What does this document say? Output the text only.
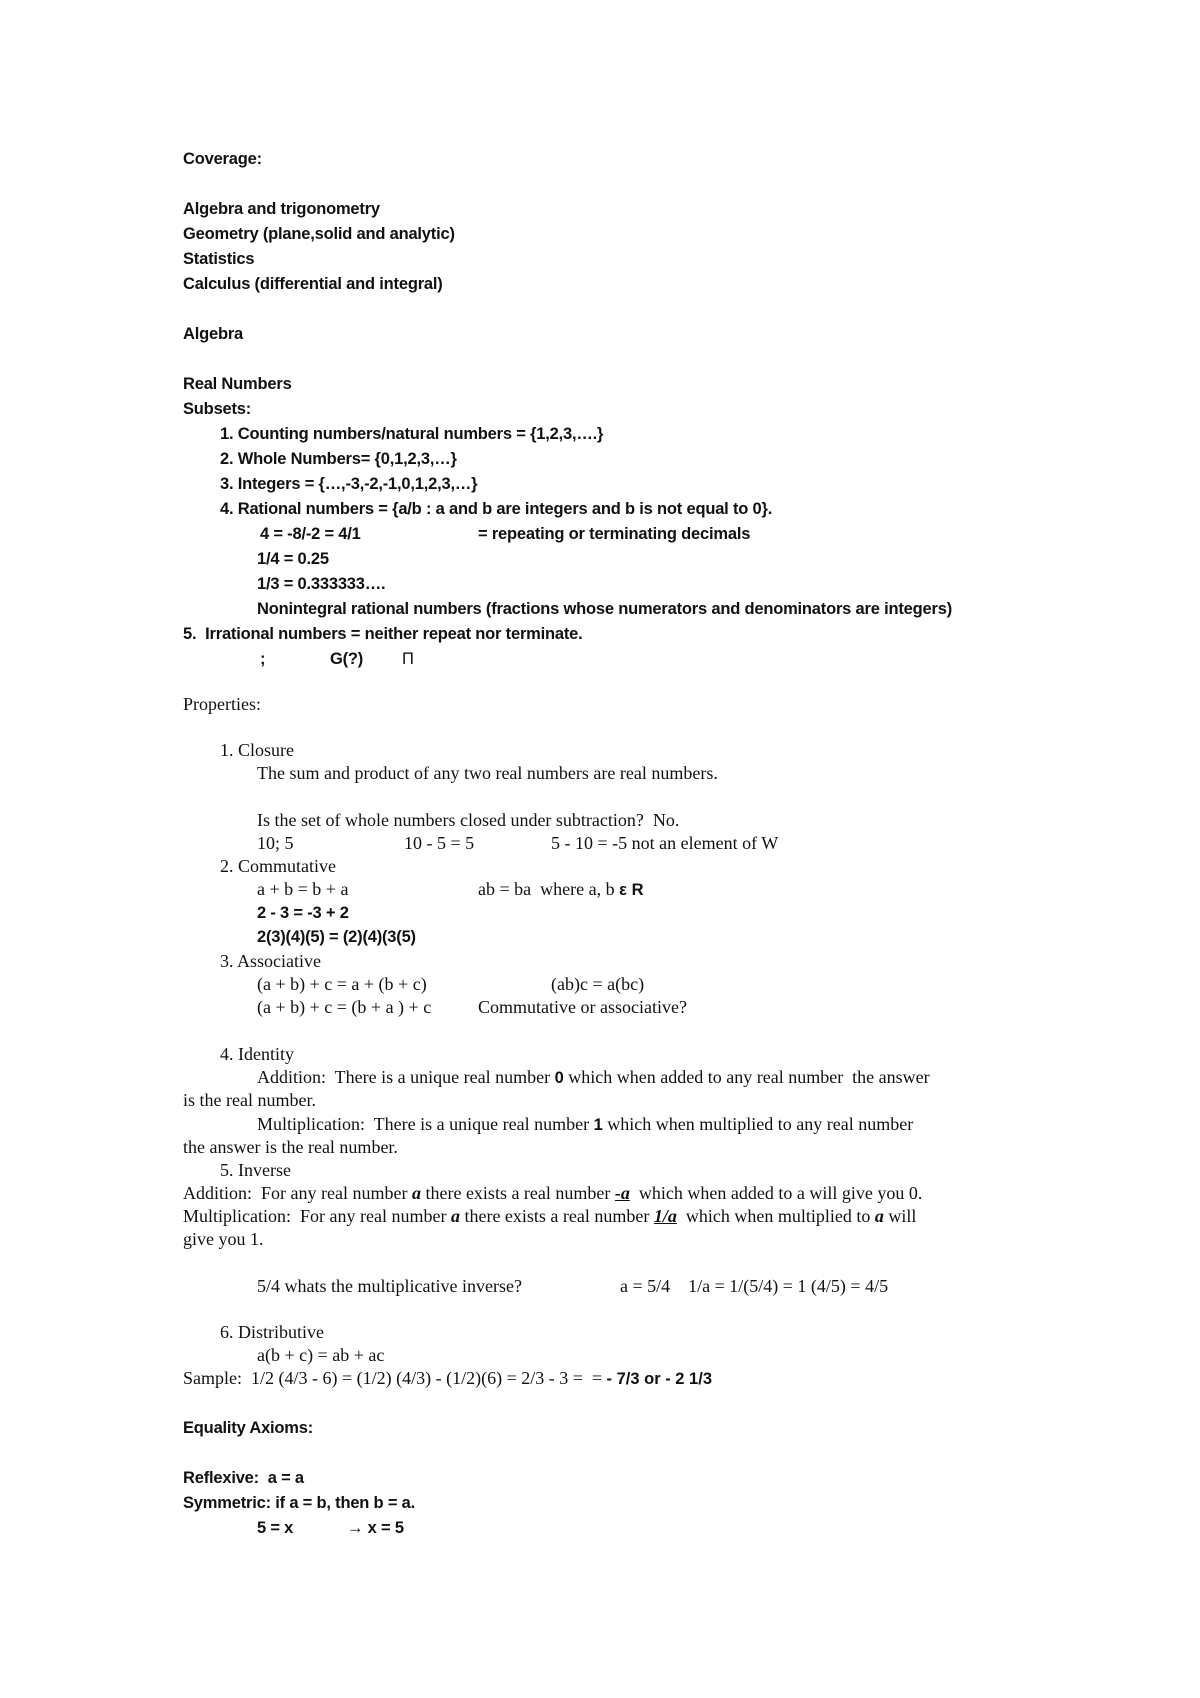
Coverage:
Algebra and trigonometry
Geometry (plane,solid and analytic)
Statistics
Calculus (differential and integral)
Algebra
Real Numbers
Subsets:
1. Counting numbers/natural numbers = {1,2,3,….}
2. Whole Numbers= {0,1,2,3,…}
3. Integers = {…,-3,-2,-1,0,1,2,3,…}
4. Rational numbers = {a/b : a and b are integers and b is not equal to 0}.
4 = -8/-2 = 4/1	= repeating or terminating decimals
1/4 = 0.25
1/3 = 0.333333….
Nonintegral rational numbers (fractions whose numerators and denominators are integers)
5.  Irrational numbers = neither repeat nor terminate.
;	G(?) Π
Properties:
1. Closure
The sum and product of any two real numbers are real numbers.
Is the set of whole numbers closed under subtraction?  No.
10; 5	10 - 5 = 5	5 - 10 = -5 not an element of W
2. Commutative
a + b = b + a	ab = ba  where a, b ε R
2 - 3 = -3 + 2
2(3)(4)(5) = (2)(4)(3(5)
3. Associative
(a + b) + c = a + (b + c)	(ab)c = a(bc)
(a + b) + c = (b + a ) + c	Commutative or associative?
4. Identity
Addition:  There is a unique real number 0 which when added to any real number  the answer
is the real number.
Multiplication:  There is a unique real number 1 which when multiplied to any real number
the answer is the real number.
5. Inverse
Addition:  For any real number a there exists a real number -a  which when added to a will give you 0.
Multiplication:  For any real number a there exists a real number 1/a  which when multiplied to a will
give you 1.
5/4 whats the multiplicative inverse?	a = 5/4    1/a = 1/(5/4) = 1 (4/5) = 4/5
6. Distributive
a(b + c) = ab + ac
Sample:  1/2 (4/3 - 6) = (1/2) (4/3) - (1/2)(6) = 2/3 - 3 =  = - 7/3 or - 2 1/3
Equality Axioms:
Reflexive:  a = a
Symmetric: if a = b, then b = a.
5 = x	→ x = 5
